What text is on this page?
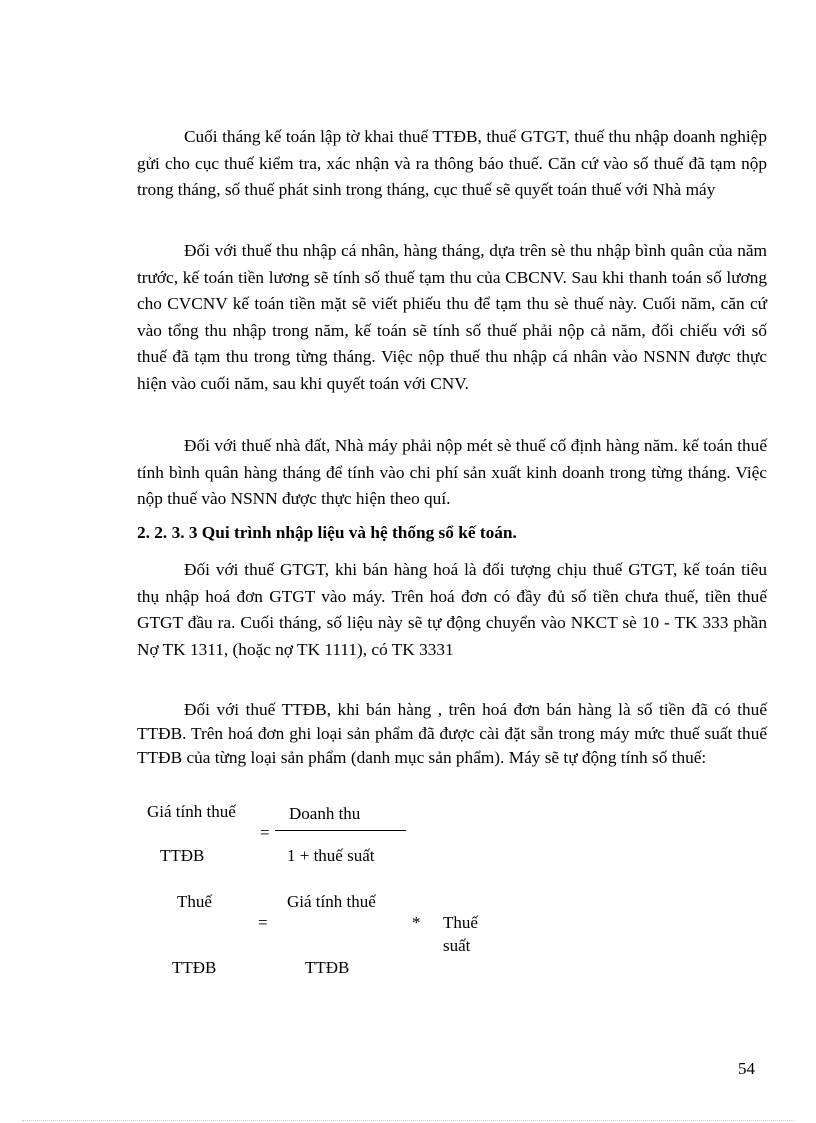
Cuối tháng kế toán lập tờ khai thuế TTĐB, thuế GTGT, thuế thu nhập doanh nghiệp gửi cho cục thuế kiểm tra, xác nhận và ra thông báo thuế. Căn cứ vào số thuế đã tạm nộp trong tháng, số thuế phát sinh trong tháng, cục thuế sẽ quyết toán thuế với Nhà máy

Đối với thuế thu nhập cá nhân, hàng tháng, dựa trên sè thu nhập bình quân của năm trước, kế toán tiền lương sẽ tính số thuế tạm thu của CBCNV. Sau khi thanh toán số lương cho CVCNV kế toán tiền mặt sẽ viết phiếu thu để tạm thu sè thuế này. Cuối năm, căn cứ vào tổng thu nhập trong năm, kế toán sẽ tính số thuế phải nộp cả năm, đối chiếu với số thuế đã tạm thu trong từng tháng. Việc nộp thuế thu nhập cá nhân vào NSNN được thực hiện vào cuối năm, sau khi quyết toán với CNV.

Đối với thuế nhà đất, Nhà máy phải nộp mét sè thuế cố định hàng năm. kế toán thuế tính bình quân hàng tháng để tính vào chi phí sản xuất kinh doanh trong từng tháng. Việc nộp thuế vào NSNN được thực hiện theo quí.

2. 2. 3. 3 Qui trình nhập liệu và hệ thống sổ kế toán.

Đối với thuế GTGT, khi bán hàng hoá là đối tượng chịu thuế GTGT, kế toán tiêu thụ nhập hoá đơn GTGT vào máy. Trên hoá đơn có đầy đủ số tiền chưa thuế, tiền thuế GTGT đầu ra. Cuối tháng, số liệu này sẽ tự động chuyển vào NKCT sè 10 - TK 333 phần Nợ TK 1311, (hoặc nợ TK 1111), có TK 3331

Đối với thuế TTĐB, khi bán hàng , trên hoá đơn bán hàng là số tiền đã có thuế TTĐB. Trên hoá đơn ghi loại sản phẩm đã được cài đặt sẵn trong máy mức thuế suất thuế TTĐB của từng loại sản phẩm (danh mục sản phẩm). Máy sẽ tự động tính số thuế:

Giá tính thuế
TTĐB
=
Doanh thu
1 + thuế suất
Thuế
TTĐB
=
Giá tính thuế
TTĐB
* Thuế
suất
54
